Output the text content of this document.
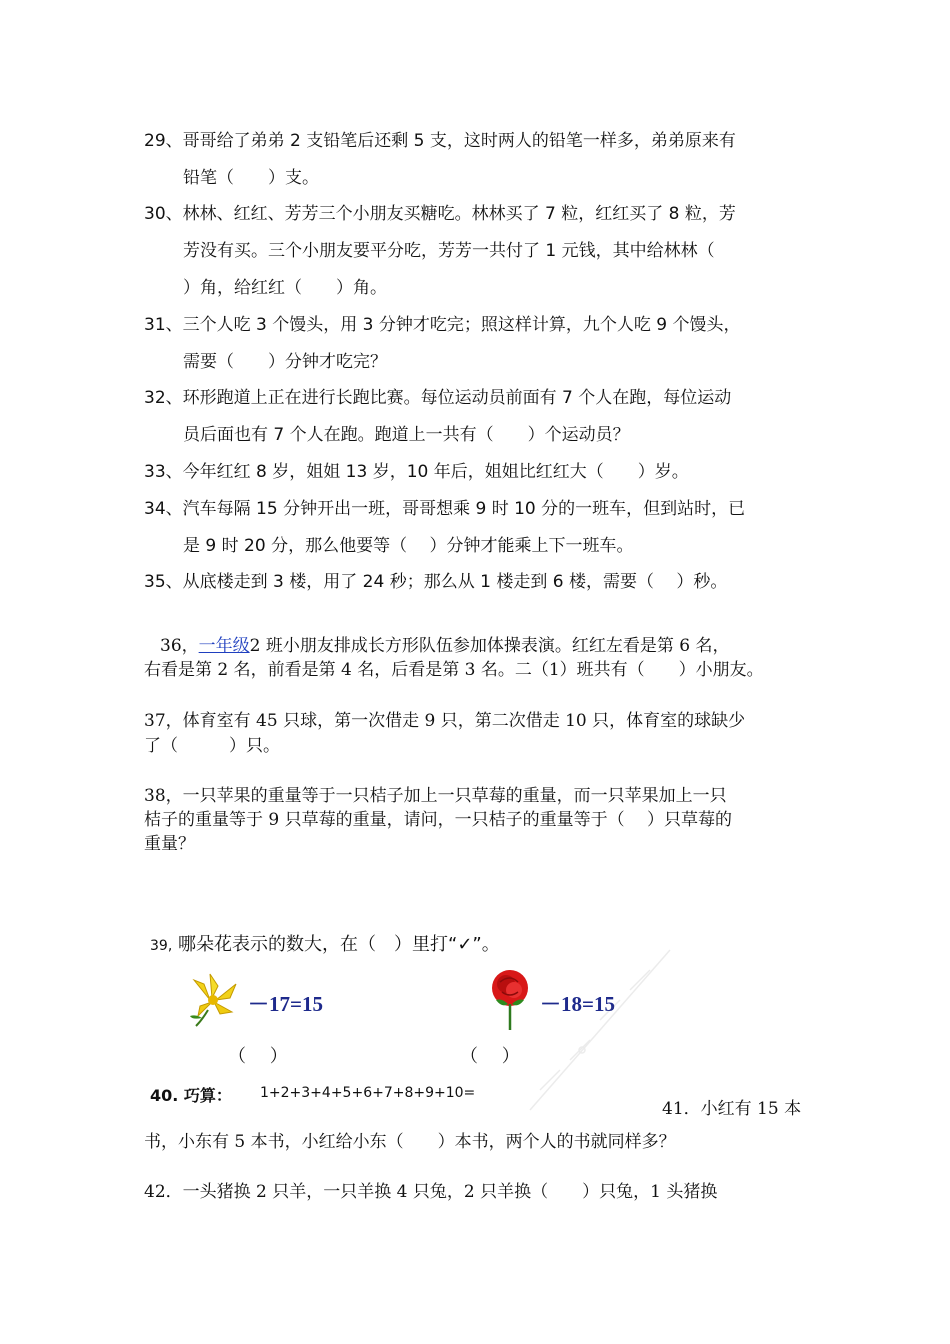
29、哥哥给了弟弟 2 支铅笔后还剩 5 支，这时两人的铅笔一样多，弟弟原来有
铅笔（　　）支。
30、林林、红红、芳芳三个小朋友买糖吃。林林买了 7 粒，红红买了 8 粒，芳
芳没有买。三个小朋友要平分吃，芳芳一共付了 1 元钱，其中给林林（
）角，给红红（　　）角。
31、三个人吃 3 个馒头，用 3 分钟才吃完；照这样计算，九个人吃 9 个馒头，
需要（　　）分钟才吃完？
32、环形跑道上正在进行长跑比赛。每位运动员前面有 7 个人在跑，每位运动
员后面也有 7 个人在跑。跑道上一共有（　　）个运动员？
33、今年红红 8 岁，姐姐 13 岁，10 年后，姐姐比红红大（　　）岁。
34、汽车每隔 15 分钟开出一班，哥哥想乘 9 时 10 分的一班车，但到站时，已
是 9 时 20 分，那么他要等（　 ）分钟才能乘上下一班车。
35、从底楼走到 3 楼，用了 24 秒；那么从 1 楼走到 6 楼，需要（　 ）秒。
36，一年级2 班小朋友排成长方形队伍参加体操表演。红红左看是第 6 名，
右看是第 2 名，前看是第 4 名，后看是第 3 名。二（1）班共有（　　）小朋友。
37，体育室有 45 只球，第一次借走 9 只，第二次借走 10 只，体育室的球缺少
了（　　　）只。
38，一只苹果的重量等于一只桔子加上一只草莓的重量，而一只苹果加上一只
桔子的重量等于 9 只草莓的重量，请问，一只桔子的重量等于（　 ）只草莓的
重量？
39, 哪朵花表示的数大，在（　）里打“✓”。
－17=15	－18=15
（　 ）	（　 ）
40. 巧算： 1+2+3+4+5+6+7+8+9+10=
41．小红有 15 本
书，小东有 5 本书，小红给小东（　　）本书，两个人的书就同样多？
42．一头猪换 2 只羊，一只羊换 4 只兔，2 只羊换（　　）只兔，1 头猪换
